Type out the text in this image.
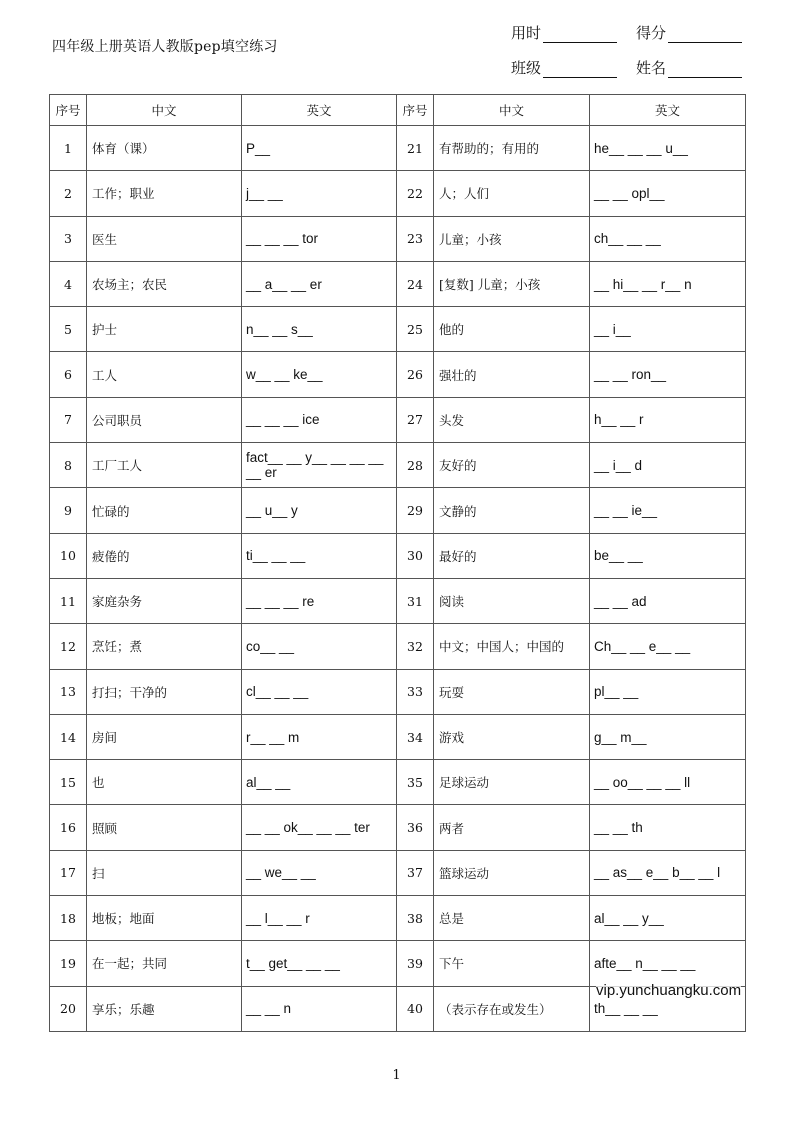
四年级上册英语人教版pep填空练习
用时	得分
班级	姓名
序号	中文	英文	序号	中文	英文
1	体育（课）	P__	21	有帮助的；有用的	he__ __ __ u__
2	工作；职业	j__ __	22	人；人们	__ __ opl__
3	医生	__ __ __ tor	23	儿童；小孩	ch__ __ __
4	农场主；农民	__ a__ __ er	24	[复数] 儿童；小孩	__ hi__ __ r__ n
5	护士	n__ __ s__	25	他的	__ i__
6	工人	w__ __ ke__	26	强壮的	__ __ ron__
7	公司职员	__ __ __ ice	27	头发	h__ __ r
8	工厂工人	fact__ __ y__ __ __ __ __ er	28	友好的	__ i__ d
9	忙碌的	__ u__ y	29	文静的	__ __ ie__
10	疲倦的	ti__ __ __	30	最好的	be__ __
11	家庭杂务	__ __ __ re	31	阅读	__ __ ad
12	烹饪；煮	co__ __	32	中文；中国人；中国的	Ch__ __ e__ __
13	打扫；干净的	cl__ __ __	33	玩耍	pl__ __
14	房间	r__ __ m	34	游戏	g__ m__
15	也	al__ __	35	足球运动	__ oo__ __ __ ll
16	照顾	__ __ ok__ __ __ ter	36	两者	__ __ th
17	扫	__ we__ __	37	篮球运动	__ as__ e__ b__ __ l
18	地板；地面	__ l__ __ r	38	总是	al__ __ y__
19	在一起；共同	t__ get__ __ __	39	下午	afte__ n__ __ __
20	享乐；乐趣	__ __ n	40	（表示存在或发生）	th__ __ __
vip.yunchuangku.com
1
